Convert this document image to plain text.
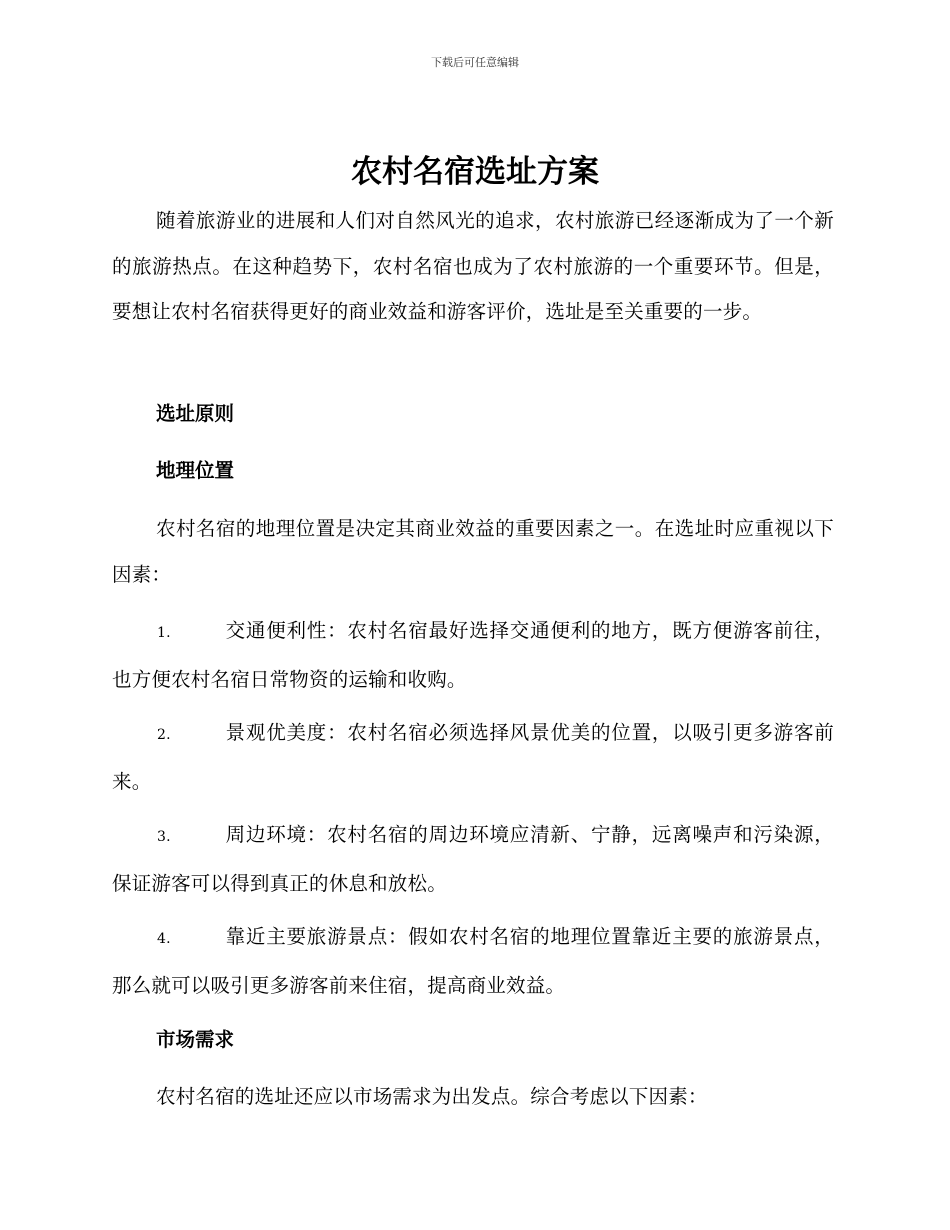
下载后可任意编辑
农村名宿选址方案

随着旅游业的进展和人们对自然风光的追求，农村旅游已经逐渐成为了一个新的旅游热点。在这种趋势下，农村名宿也成为了农村旅游的一个重要环节。但是，要想让农村名宿获得更好的商业效益和游客评价，选址是至关重要的一步。

选址原则
地理位置

农村名宿的地理位置是决定其商业效益的重要因素之一。在选址时应重视以下因素：

1.	交通便利性：农村名宿最好选择交通便利的地方，既方便游客前往，也方便农村名宿日常物资的运输和收购。

2.	景观优美度：农村名宿必须选择风景优美的位置，以吸引更多游客前来。

3.	周边环境：农村名宿的周边环境应清新、宁静，远离噪声和污染源，保证游客可以得到真正的休息和放松。

4.	靠近主要旅游景点：假如农村名宿的地理位置靠近主要的旅游景点，那么就可以吸引更多游客前来住宿，提高商业效益。

市场需求

农村名宿的选址还应以市场需求为出发点。综合考虑以下因素：
